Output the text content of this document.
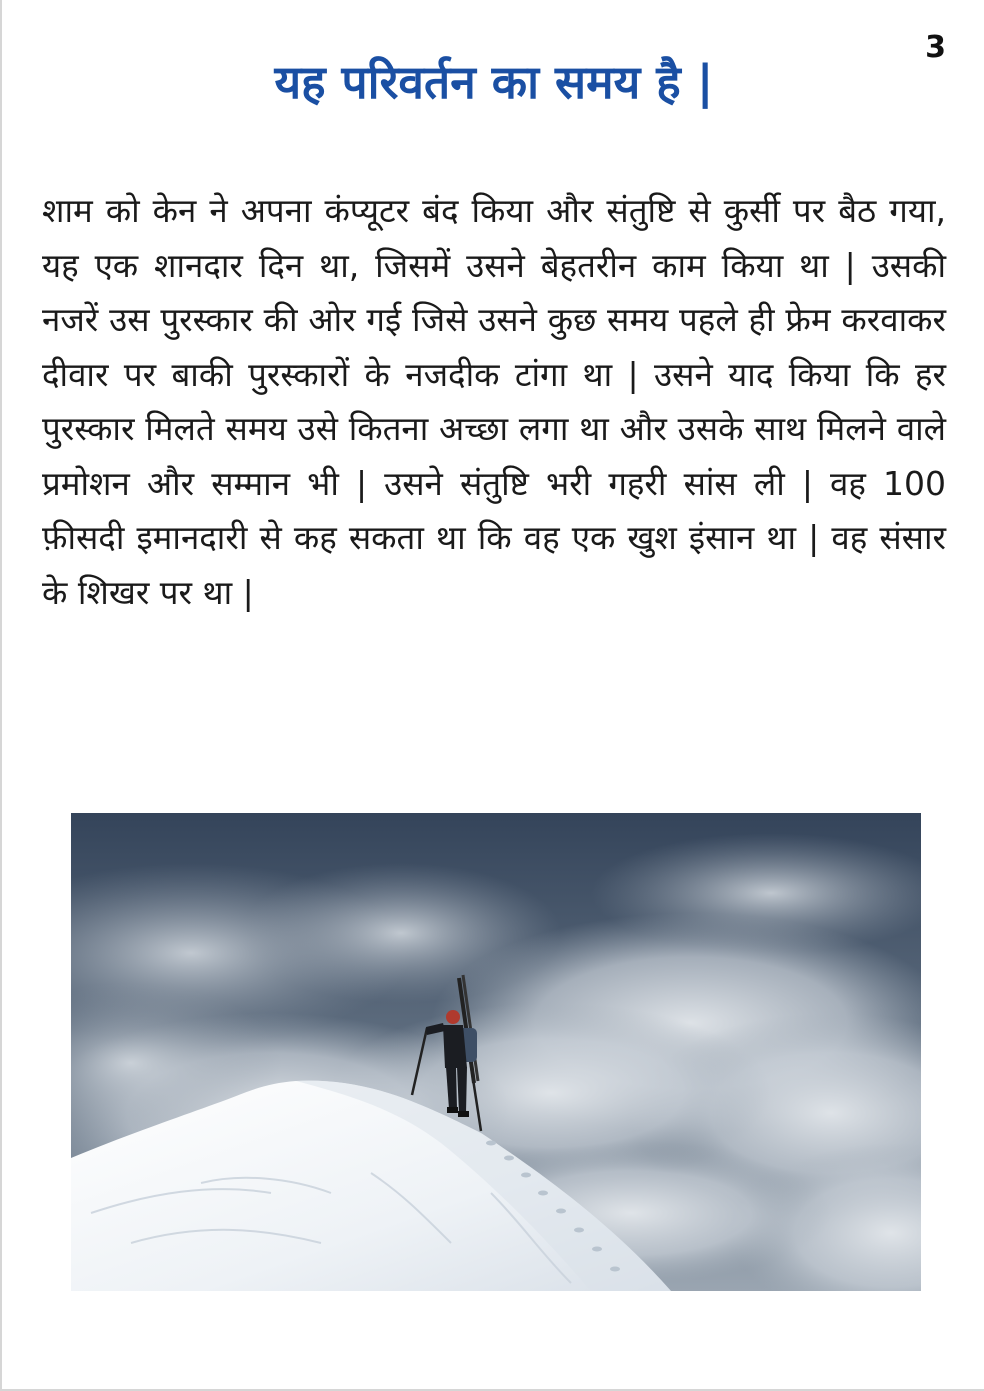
3
यह परिवर्तन का समय है |

शाम को केन ने अपना कंप्यूटर बंद किया और संतुष्टि से कुर्सी पर बैठ गया, यह एक शानदार दिन था, जिसमें उसने बेहतरीन काम किया था | उसकी नजरें उस पुरस्कार की ओर गई जिसे उसने कुछ समय पहले ही फ्रेम करवाकर दीवार पर बाकी पुरस्कारों के नजदीक टांगा था | उसने याद किया कि हर पुरस्कार मिलते समय उसे कितना अच्छा लगा था और उसके साथ मिलने वाले प्रमोशन और सम्मान भी | उसने संतुष्टि भरी गहरी सांस ली | वह 100 फ़ीसदी इमानदारी से कह सकता था कि वह एक खुश इंसान था | वह संसार के शिखर पर था |
